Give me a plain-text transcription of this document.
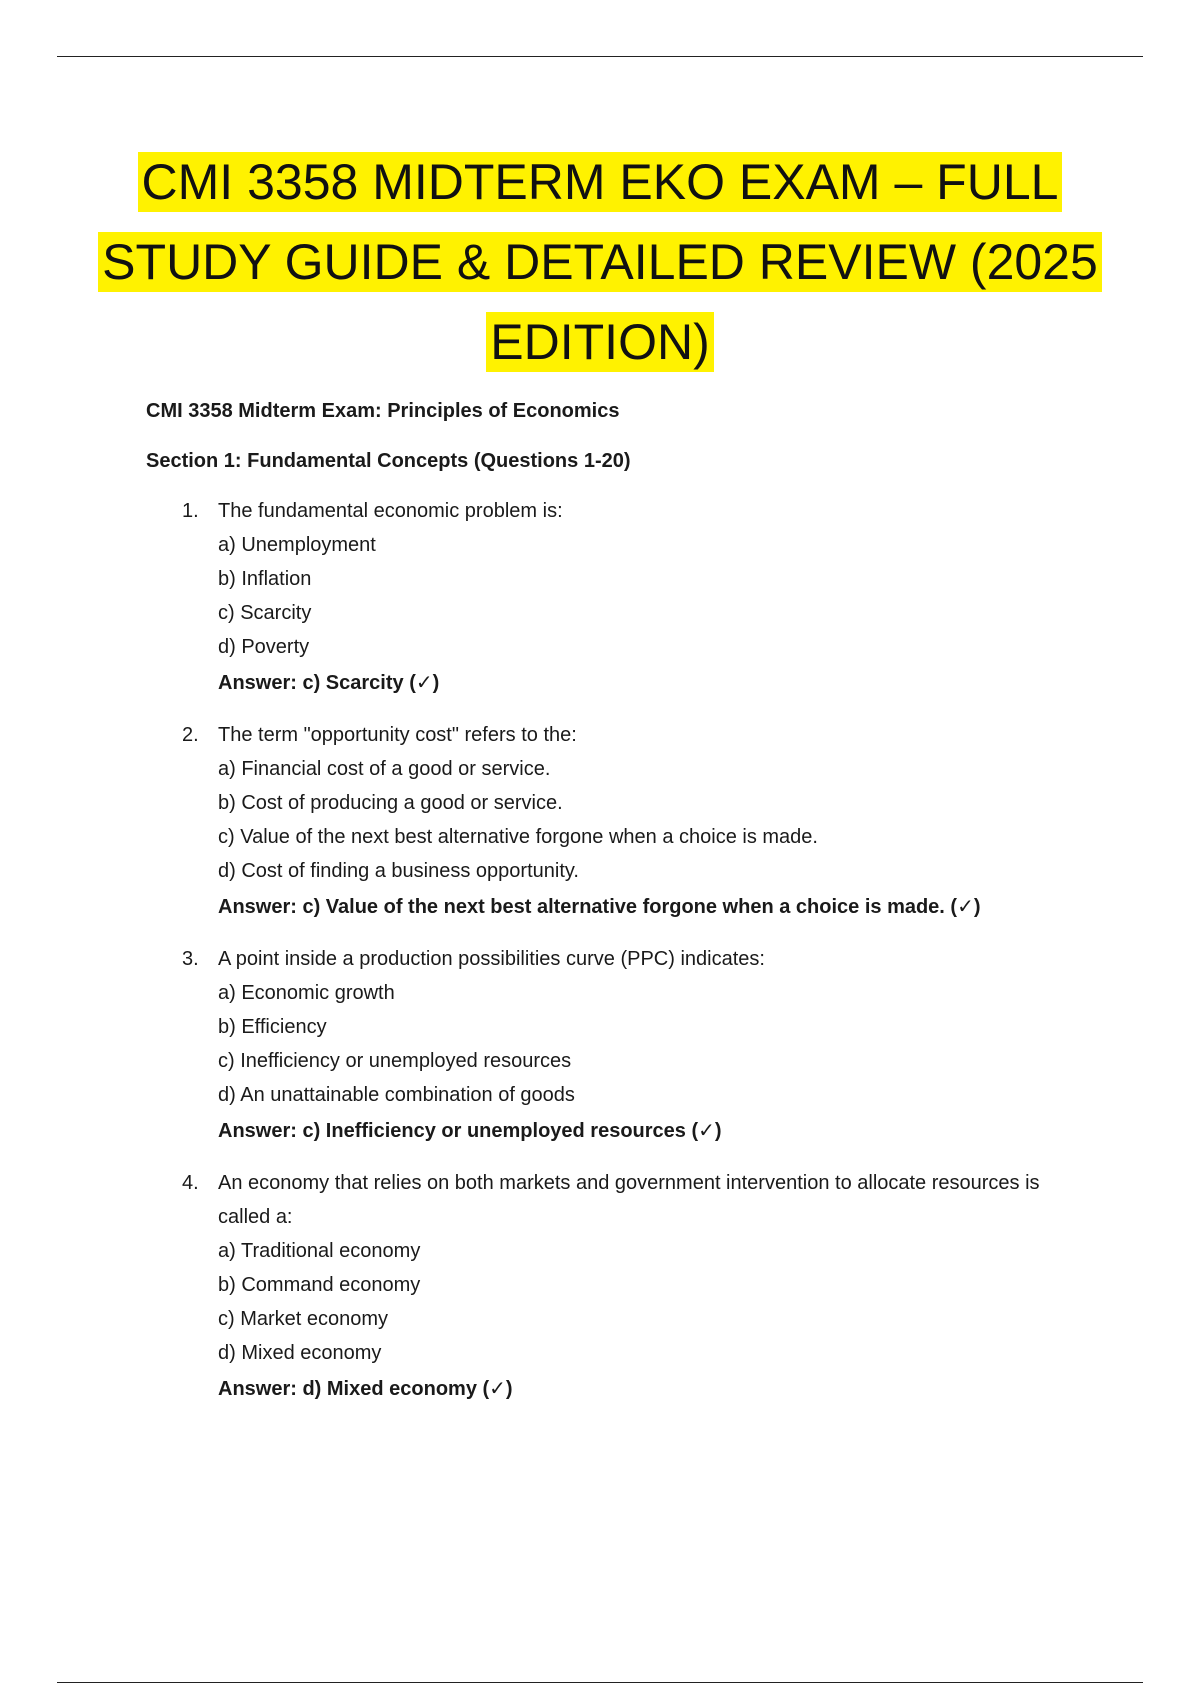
CMI 3358 MIDTERM EKO EXAM – FULL
STUDY GUIDE & DETAILED REVIEW (2025
EDITION)

CMI 3358 Midterm Exam: Principles of Economics

Section 1: Fundamental Concepts (Questions 1-20)

1. The fundamental economic problem is:

a) Unemployment

b) Inflation

c) Scarcity

d) Poverty

Answer: c) Scarcity (✓)

2. The term "opportunity cost" refers to the:

a) Financial cost of a good or service.

b) Cost of producing a good or service.

c) Value of the next best alternative forgone when a choice is made.

d) Cost of finding a business opportunity.

Answer: c) Value of the next best alternative forgone when a choice is made. (✓)

3. A point inside a production possibilities curve (PPC) indicates:

a) Economic growth

b) Efficiency

c) Inefficiency or unemployed resources

d) An unattainable combination of goods

Answer: c) Inefficiency or unemployed resources (✓)

4. An economy that relies on both markets and government intervention to allocate resources is called a:

a) Traditional economy

b) Command economy

c) Market economy

d) Mixed economy

Answer: d) Mixed economy (✓)
